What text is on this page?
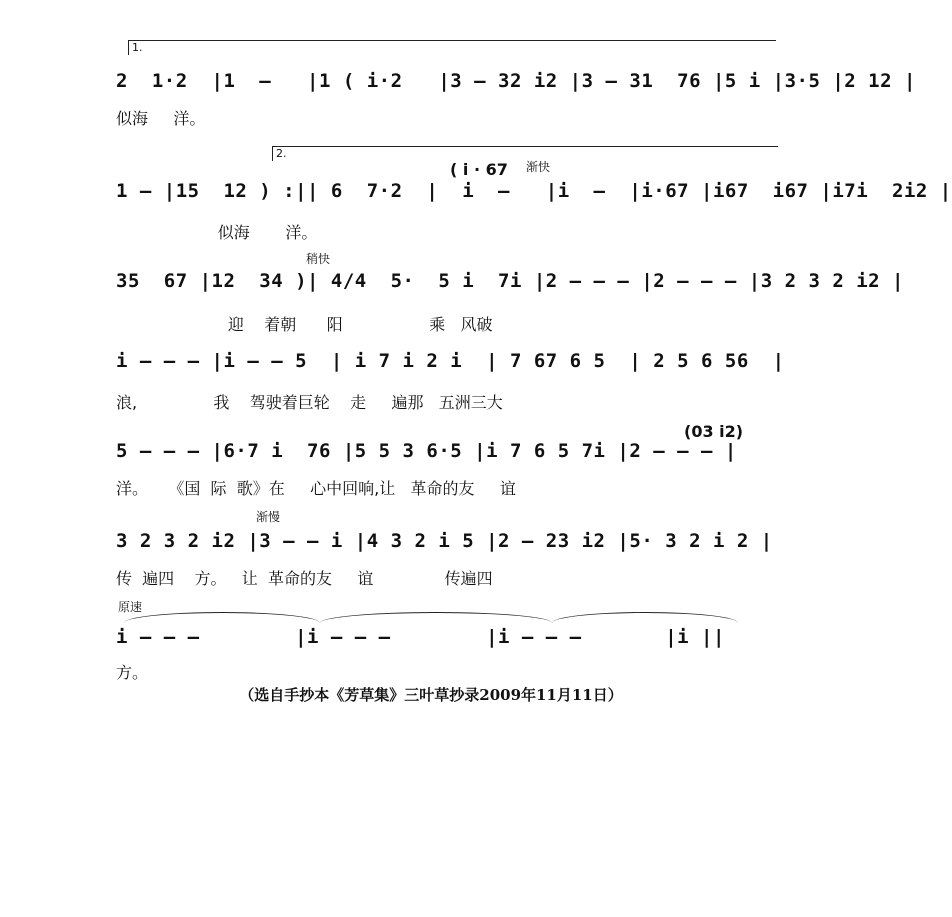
1.
2  1·2  |1  –   |1 ( i·2   |3 – 32 i2 |3 – 31  76 |5 i |3·5 |2 12 |
似海     洋。
2.
渐快
1 – |15  12 ) :|| 6  7·2  |  i  –   |i  –  |i·67 |i67  i67 |i7i  2i2 |
( i · 67
似海       洋。
稍快
35  67 |12  34 )| 4/4  5·  5 i  7i |2 – – – |2 – – – |3 2 3 2 i2 |
迎    着朝      阳                 乘   风破
i – – – |i – – 5  | i 7 i 2 i  | 7 67 6 5  | 2 5 6 56  |
浪,               我    驾驶着巨轮    走     遍那   五洲三大
(03 i2)
5 – – – |6·7 i  76 |5 5 3 6·5 |i 7 6 5 7i |2 – – – |
洋。    《国  际  歌》在     心中回响,让   革命的友     谊
渐慢
3 2 3 2 i2 |3 – – i |4 3 2 i 5 |2 – 23 i2 |5· 3 2 i 2 |
传  遍四    方。   让  革命的友     谊              传遍四
原速
i – – –        |i – – –        |i – – –       |i ||
方。
（选自手抄本《芳草集》三叶草抄录2009年11月11日）
